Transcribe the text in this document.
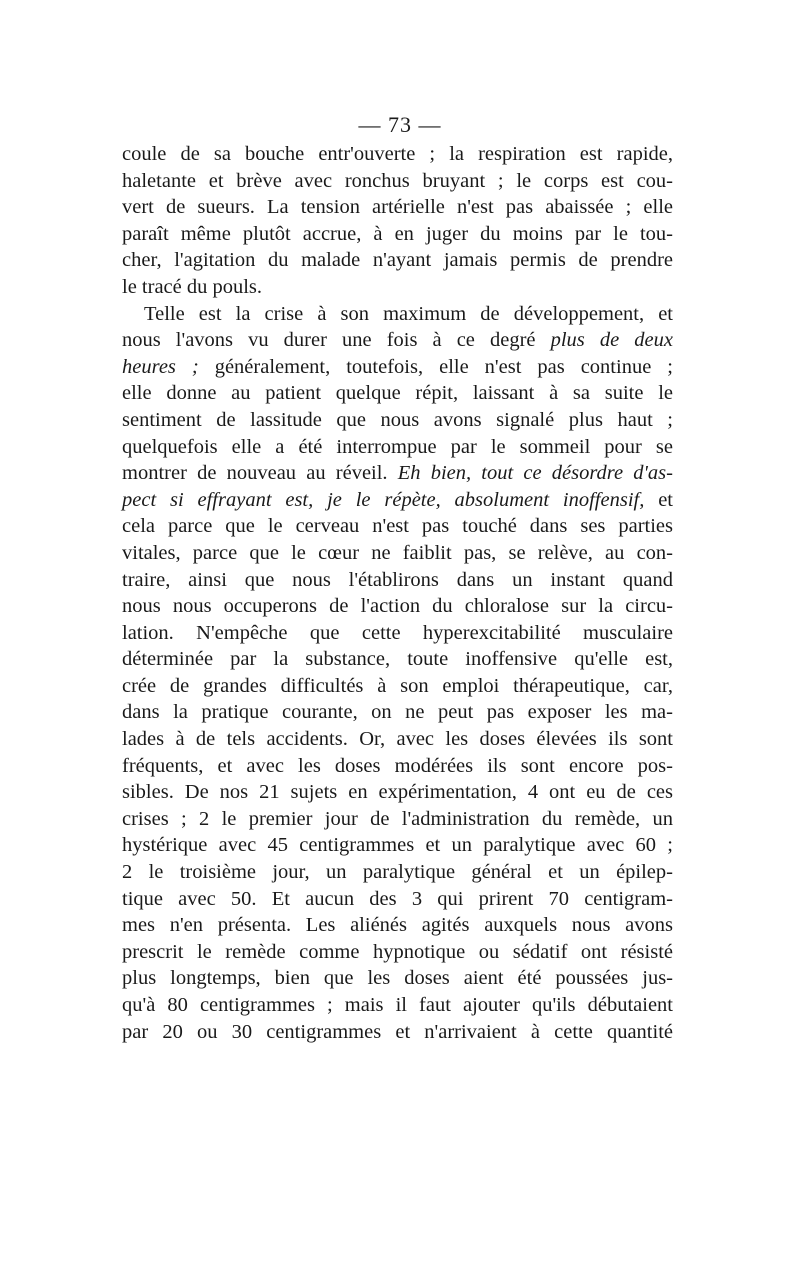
— 73 —
coule de sa bouche entr'ouverte ; la respiration est rapide,
haletante et brève avec ronchus bruyant ; le corps est cou-
vert de sueurs. La tension artérielle n'est pas abaissée ; elle
paraît même plutôt accrue, à en juger du moins par le tou-
cher, l'agitation du malade n'ayant jamais permis de prendre
le tracé du pouls.
Telle est la crise à son maximum de développement, et
nous l'avons vu durer une fois à ce degré plus de deux
heures ; généralement, toutefois, elle n'est pas continue ;
elle donne au patient quelque répit, laissant à sa suite le
sentiment de lassitude que nous avons signalé plus haut ;
quelquefois elle a été interrompue par le sommeil pour se
montrer de nouveau au réveil. Eh bien, tout ce désordre d'as-
pect si effrayant est, je le répète, absolument inoffensif, et
cela parce que le cerveau n'est pas touché dans ses parties
vitales, parce que le cœur ne faiblit pas, se relève, au con-
traire, ainsi que nous l'établirons dans un instant quand
nous nous occuperons de l'action du chloralose sur la circu-
lation. N'empêche que cette hyperexcitabilité musculaire
déterminée par la substance, toute inoffensive qu'elle est,
crée de grandes difficultés à son emploi thérapeutique, car,
dans la pratique courante, on ne peut pas exposer les ma-
lades à de tels accidents. Or, avec les doses élevées ils sont
fréquents, et avec les doses modérées ils sont encore pos-
sibles. De nos 21 sujets en expérimentation, 4 ont eu de ces
crises ; 2 le premier jour de l'administration du remède, un
hystérique avec 45 centigrammes et un paralytique avec 60 ;
2 le troisième jour, un paralytique général et un épilep-
tique avec 50. Et aucun des 3 qui prirent 70 centigram-
mes n'en présenta. Les aliénés agités auxquels nous avons
prescrit le remède comme hypnotique ou sédatif ont résisté
plus longtemps, bien que les doses aient été poussées jus-
qu'à 80 centigrammes ; mais il faut ajouter qu'ils débutaient
par 20 ou 30 centigrammes et n'arrivaient à cette quantité
